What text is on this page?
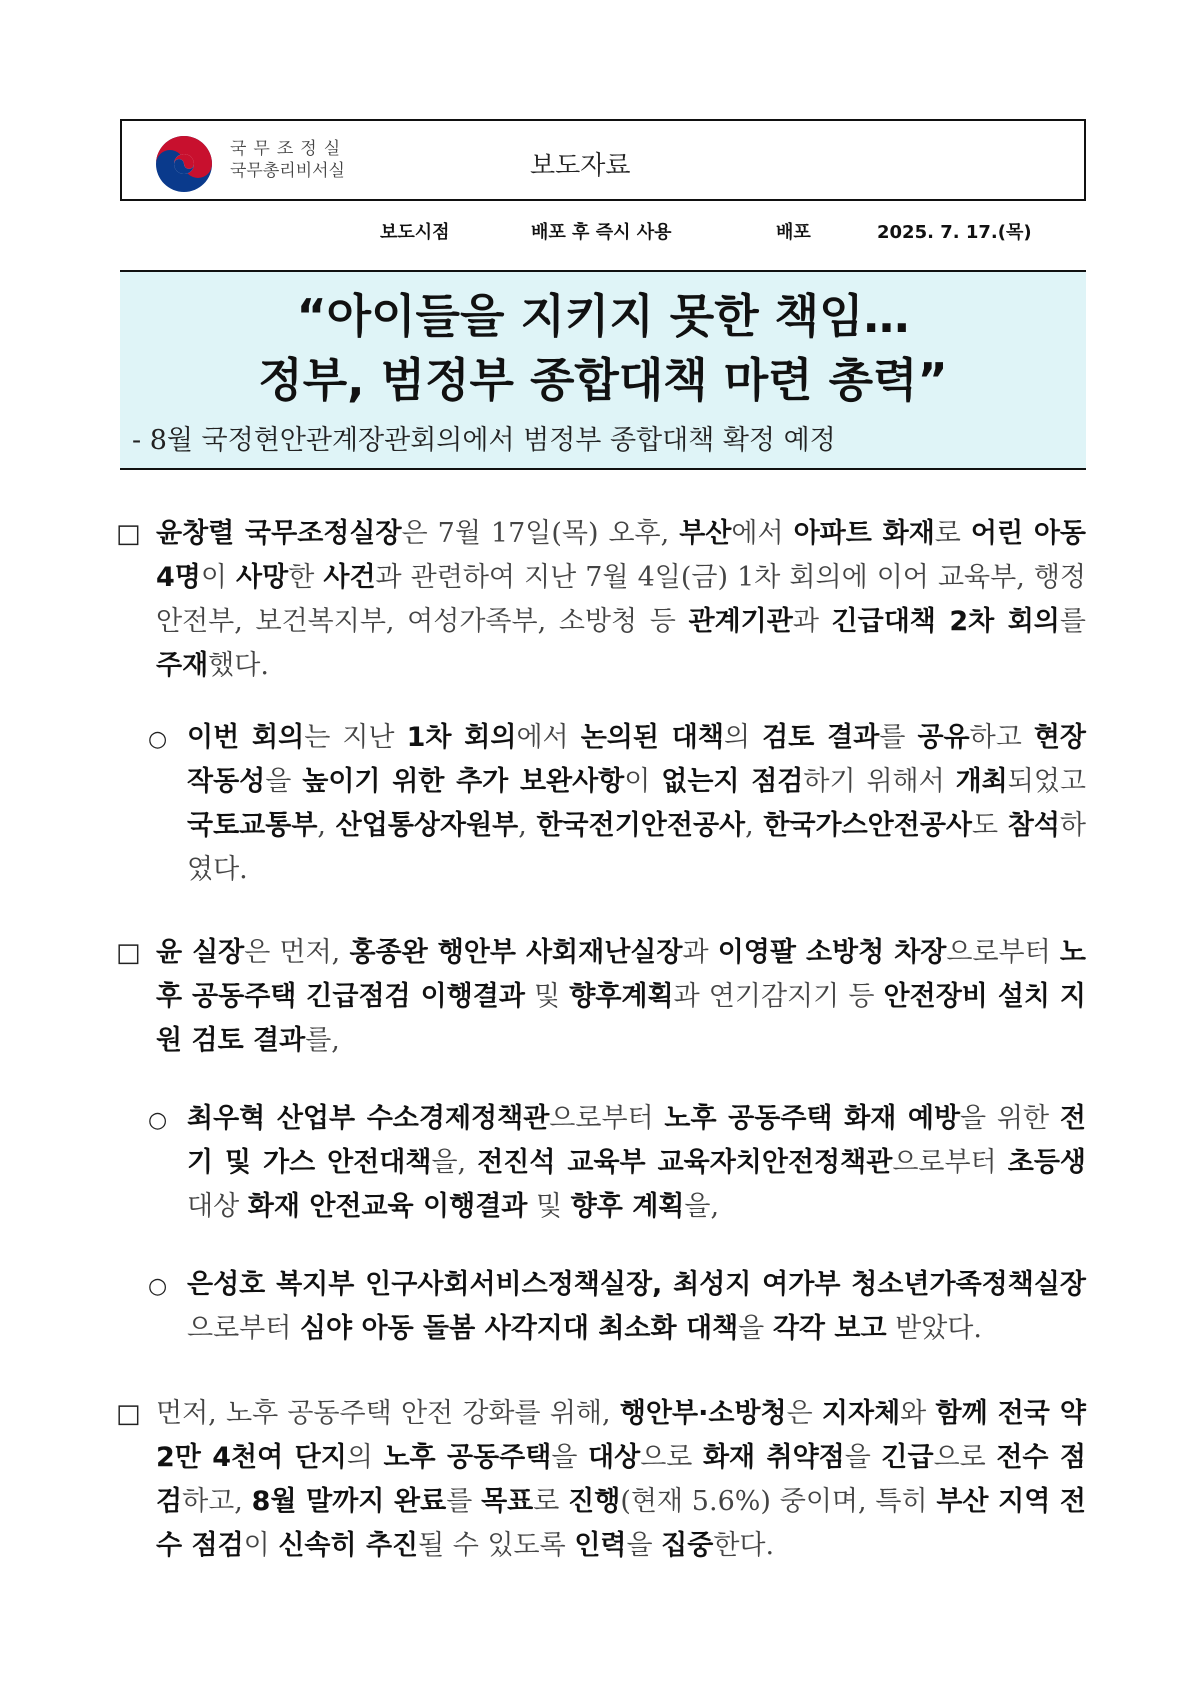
국무조정실
국무총리비서실	보도자료
보도시점	배포 후 즉시 사용	배포	2025. 7. 17.(목)
“아이들을 지키지 못한 책임…
정부, 범정부 종합대책 마련 총력”
- 8월 국정현안관계장관회의에서 범정부 종합대책 확정 예정
□ 윤창렬 국무조정실장은 7월 17일(목) 오후, 부산에서 아파트 화재로 어린 아동 4명이 사망한 사건과 관련하여 지난 7월 4일(금) 1차 회의에 이어 교육부, 행정안전부, 보건복지부, 여성가족부, 소방청 등 관계기관과 긴급대책 2차 회의를 주재했다.
○ 이번 회의는 지난 1차 회의에서 논의된 대책의 검토 결과를 공유하고 현장 작동성을 높이기 위한 추가 보완사항이 없는지 점검하기 위해서 개최되었고 국토교통부, 산업통상자원부, 한국전기안전공사, 한국가스안전공사도 참석하였다.
□ 윤 실장은 먼저, 홍종완 행안부 사회재난실장과 이영팔 소방청 차장으로부터 노후 공동주택 긴급점검 이행결과 및 향후계획과 연기감지기 등 안전장비 설치 지원 검토 결과를,
○ 최우혁 산업부 수소경제정책관으로부터 노후 공동주택 화재 예방을 위한 전기 및 가스 안전대책을, 전진석 교육부 교육자치안전정책관으로부터 초등생 대상 화재 안전교육 이행결과 및 향후 계획을,
○ 은성호 복지부 인구사회서비스정책실장, 최성지 여가부 청소년가족정책실장으로부터 심야 아동 돌봄 사각지대 최소화 대책을 각각 보고 받았다.
□ 먼저, 노후 공동주택 안전 강화를 위해, 행안부·소방청은 지자체와 함께 전국 약 2만 4천여 단지의 노후 공동주택을 대상으로 화재 취약점을 긴급으로 전수 점검하고, 8월 말까지 완료를 목표로 진행(현재 5.6%) 중이며, 특히 부산 지역 전수 점검이 신속히 추진될 수 있도록 인력을 집중한다.
